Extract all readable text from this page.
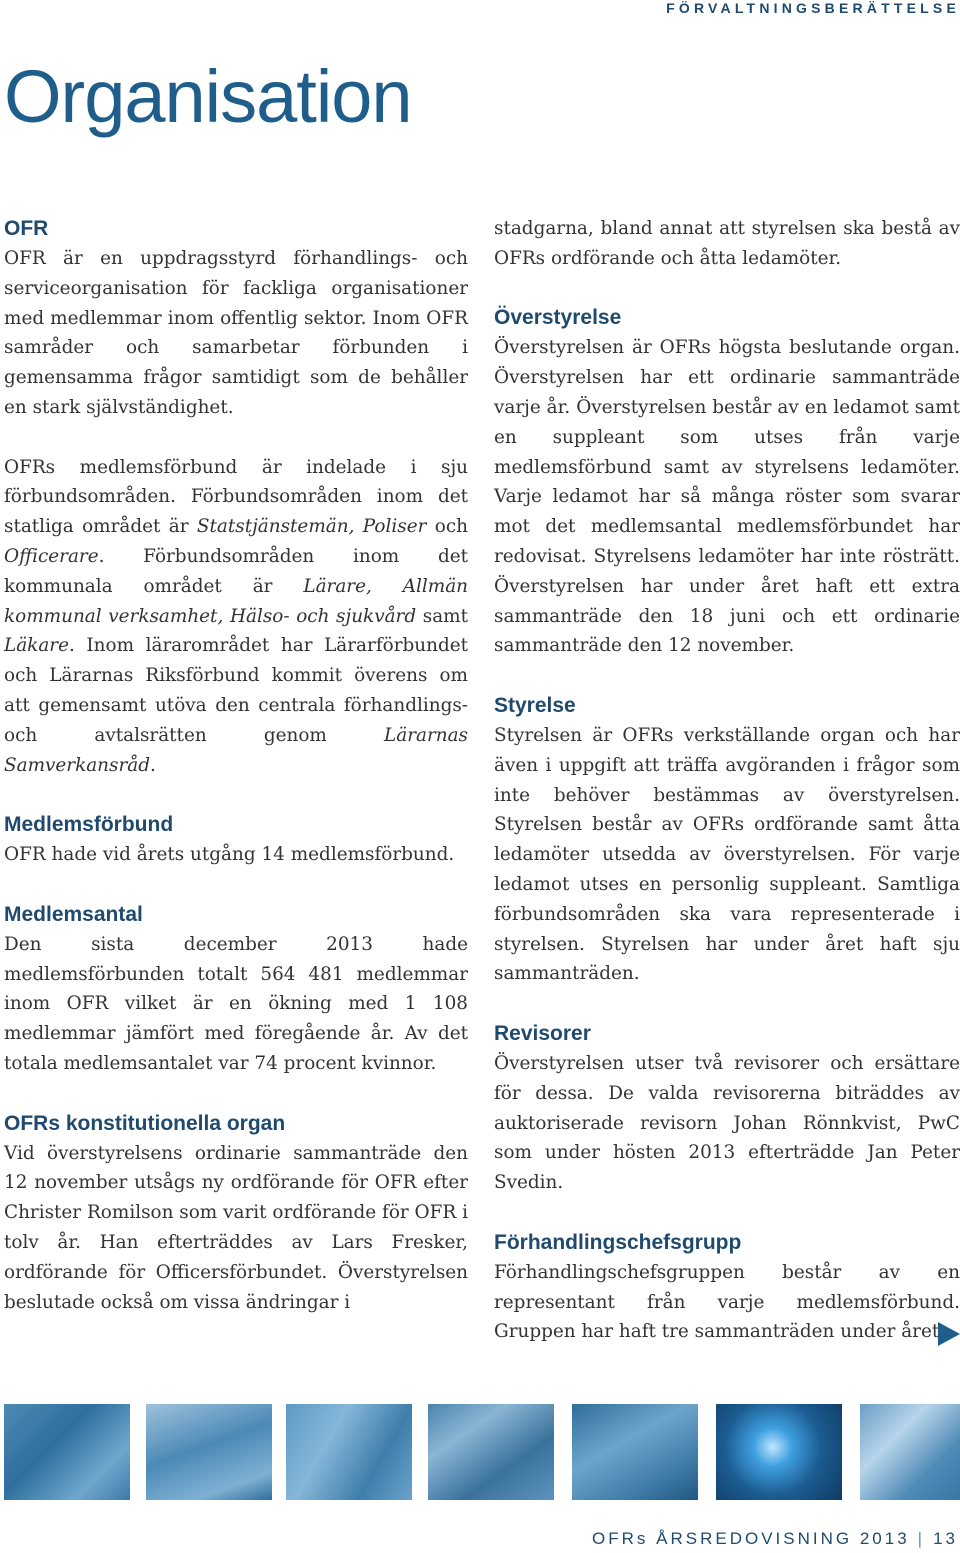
FÖRVALTNINGSBERÄTTELSE
Organisation
OFR

OFR är en uppdragsstyrd förhandlings- och serviceorganisation för fackliga organisationer med medlemmar inom offentlig sektor. Inom OFR samråder och samarbetar förbunden i gemensamma frågor samtidigt som de behåller en stark självständighet.

OFRs medlemsförbund är indelade i sju förbundsområden. Förbundsområden inom det statliga området är Statstjänstemän, Poliser och Officerare. Förbundsområden inom det kommunala området är Lärare, Allmän kommunal verksamhet, Hälso- och sjukvård samt Läkare. Inom lärarområdet har Lärarförbundet och Lärarnas Riksförbund kommit överens om att gemensamt utöva den centrala förhandlings- och avtalsrätten genom Lärarnas Samverkansråd.

Medlemsförbund

OFR hade vid årets utgång 14 medlemsförbund.

Medlemsantal

Den sista december 2013 hade medlemsförbunden totalt 564 481 medlemmar inom OFR vilket är en ökning med 1 108 medlemmar jämfört med föregående år. Av det totala medlemsantalet var 74 procent kvinnor.

OFRs konstitutionella organ

Vid överstyrelsens ordinarie sammanträde den 12 november utsågs ny ordförande för OFR efter Christer Romilson som varit ordförande för OFR i tolv år. Han efterträddes av Lars Fresker, ordförande för Officersförbundet. Överstyrelsen beslutade också om vissa ändringar i

stadgarna, bland annat att styrelsen ska bestå av OFRs ordförande och åtta ledamöter.

Överstyrelse

Överstyrelsen är OFRs högsta beslutande organ. Överstyrelsen har ett ordinarie sammanträde varje år. Överstyrelsen består av en ledamot samt en suppleant som utses från varje medlemsförbund samt av styrelsens ledamöter. Varje ledamot har så många röster som svarar mot det medlemsantal medlemsförbundet har redovisat. Styrelsens ledamöter har inte rösträtt. Överstyrelsen har under året haft ett extra sammanträde den 18 juni och ett ordinarie sammanträde den 12 november.

Styrelse

Styrelsen är OFRs verkställande organ och har även i uppgift att träffa avgöranden i frågor som inte behöver bestämmas av överstyrelsen. Styrelsen består av OFRs ordförande samt åtta ledamöter utsedda av överstyrelsen. För varje ledamot utses en personlig suppleant. Samtliga förbundsområden ska vara representerade i styrelsen. Styrelsen har under året haft sju sammanträden.

Revisorer

Överstyrelsen utser två revisorer och ersättare för dessa. De valda revisorerna biträddes av auktoriserade revisorn Johan Rönnkvist, PwC som under hösten 2013 efterträdde Jan Peter Svedin.

Förhandlingschefsgrupp

Förhandlingschefsgruppen består av en representant från varje medlemsförbund. Gruppen har haft tre sammanträden under året.

OFRs ÅRSREDOVISNING 2013 | 13
